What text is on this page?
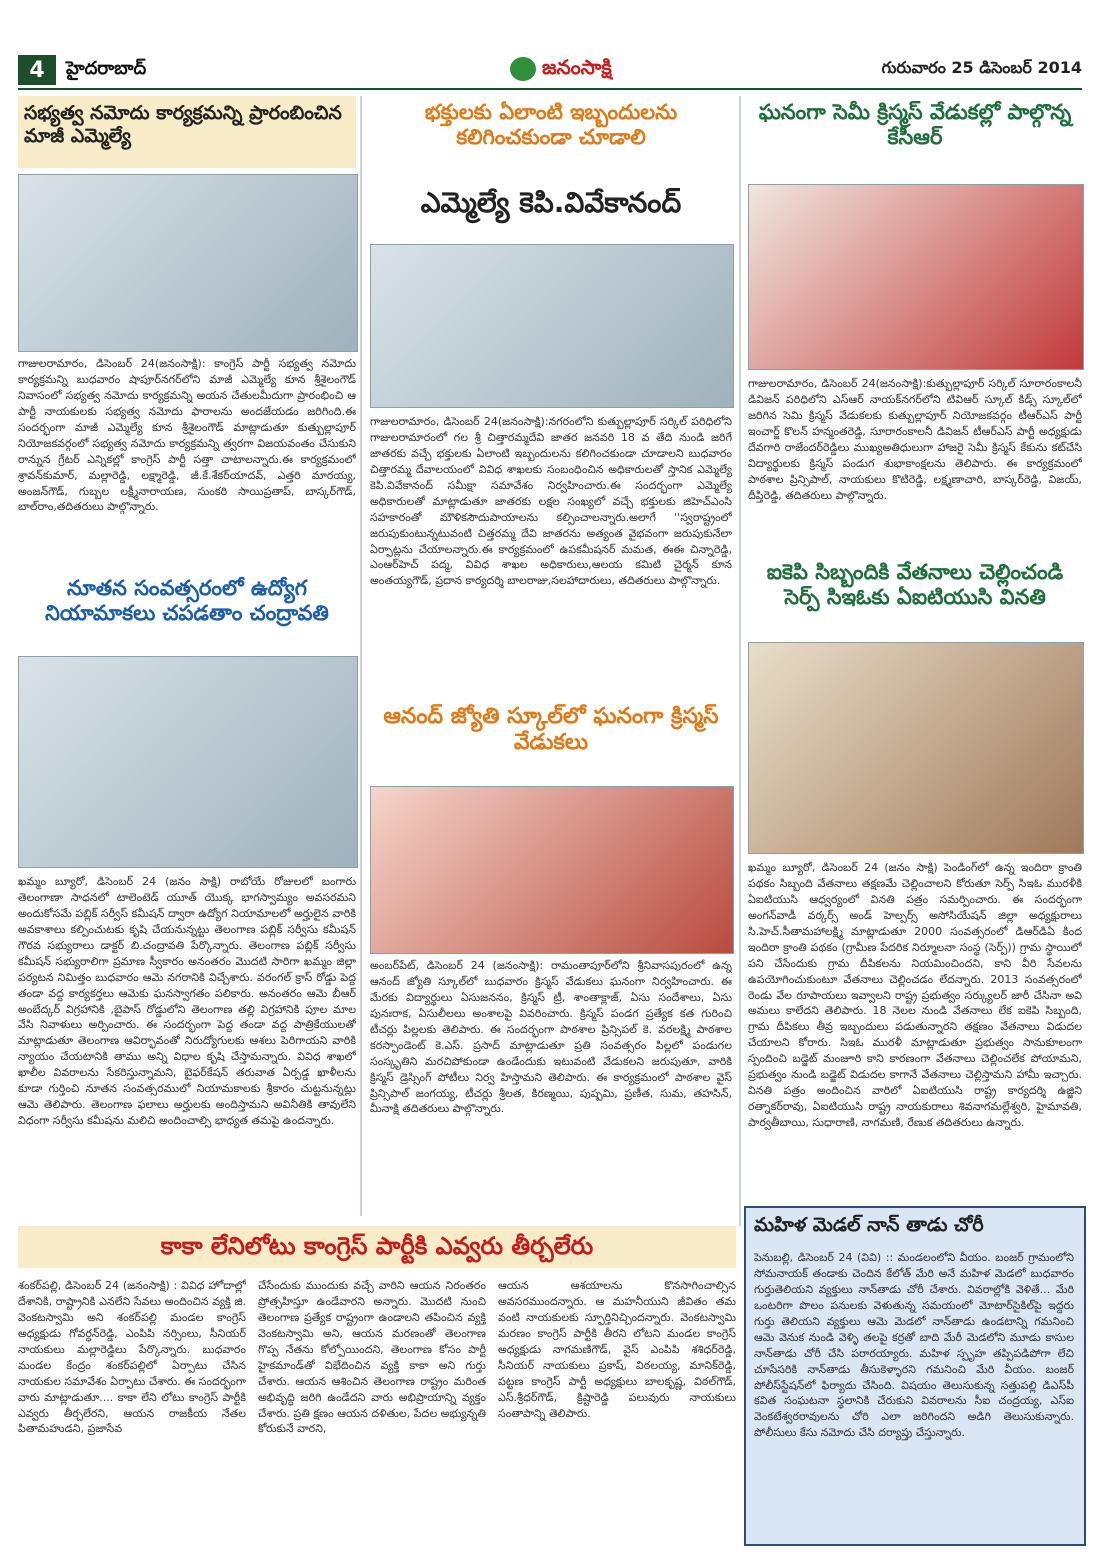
4	హైదరాబాద్	జనంసాక్షి	గురువారం 25 డిసెంబర్ 2014
సభ్యత్వ నమోదు కార్యక్రమన్ని ప్రారంబించిన మాజీ ఎమ్మెల్యే
గాజులరామారం, డిసెంబర్ 24(జనంసాక్షి): కాంగ్రెస్ పార్టీ సభ్యత్వ నమోదు కార్యక్రమన్ని బుధవారం షాపూర్‌నగర్‌లోని మాజీ ఎమ్మెల్యే కూన శ్రీశైలంగౌడ్ నివాసంలో సభ్యత్వ నమోదు కార్యక్రమన్ని అయన చేతులమీదుగా ప్రారంభించి ఆ పార్టీ నాయకులకు సభ్యత్వ నమోదు ఫారాలను అందజేయడం జరిగింది.ఈ సందర్భంగా మాజీ ఎమ్మెల్యే కూన శ్రీశైలంగౌడ్ మాట్లాడుతూ కుత్బుల్లాపూర్ నియోజకవర్గంలో సభ్యత్వ నమోదు కార్యక్రమన్ని త్వరగా విజయవంతం చేసుకుని రాన్నున గ్రేటర్ ఎన్నికల్లో కాంగ్రెస్ పార్టీ సత్తా చాటాలన్నారు.ఈ కార్యక్రమంలో శ్రావన్‌కుమార్, మల్లారెడ్డి, లక్ష్మారెడ్డి, జీ.కే.శేకర్‌యాదవ్, ఎత్తరి మారయ్య, అంజన్‌గౌడ్, గుబ్బల లక్ష్మీనారాయణ, సుంకరి సాయిప్రతాప్, బాస్కర్‌గౌడ్, బాల్‌రాం,తదితరులు పాల్గొన్నారు.
నూతన సంవత్సరంలో ఉద్యోగ నియామాకలు చపడతాం చంద్రావతి
ఖమ్మం బ్యూరో, డిసెంబర్ 24 (జనం సాక్షి) రాబోయే రోజులలో బంగారు తెలంగాణా సాధనలో టాలెంటెడ్ యూత్ యొక్క భాగస్వామ్యం అవసరమని అందుకోసమే పబ్లిక్ సర్వీస్ కమీషన్ ద్వారా ఉద్యోగ నియామాలలో అర్హులైన వారికి అవకాశాలు కల్పించుటకు కృషి చేయనున్నట్టు తెలంగాణ పబ్లిక్ సర్వీసు కమీషన్ గౌరవ సభ్యురాలు డాక్టర్ బి.చంద్రావతి పేర్కొన్నారు. తెలంగాణ పబ్లిక్ సర్వీసు కమీషన్ సభ్యురాలిగా ప్రమాణ స్వీకారం అనంతరం మొదటి సారిగా ఖమ్మం జిల్లా పర్యటన నిమిత్తం బుధవారం ఆమె నగరానికి విచ్చేశారు. వరంగల్ క్రాస్ రోడ్డు పెద్ద తండా వద్ద కార్యకర్తలు ఆమెకు ఘనస్వాగతం పలికారు. అనంతరం ఆమె బీఆర్ అంబేద్కర్ విగ్రహానికి ,బైపాస్ రోడ్డులోని తెలంగాణ తల్లి విగ్రహానికి పూల మాల వేసి నివాళులు అర్పించారు. ఈ సందర్భంగా పెద్ద తండా వద్ద పాత్రికేయులతో మాట్లాడుతూ తెలంగాణ ఆవిర్భావంతో నిరుద్యోగులకు ఆశలు పెరిగాయని వారికి న్యాయం చేయటానికి తాము అన్ని విధాల కృషి చేస్తామన్నారు. వివిధ శాఖలో ఖాలీల వివరాలను సేకరిస్తున్నామని, బైఫర్‌కేషన్ తరువాత ఏర్పడ్డ ఖాళీలను కూడా గుర్తించి నూతన సంవత్సరములో నియామకాలకు శ్రీకారం చుట్టనున్నట్లు ఆమె తెలిపారు. తెలంగాణ ఫలాలు అర్హులకు అందిస్తామని అవినీతికి తావులేని విధంగా సర్వీసు కమీషను మలిచి అందించాల్సి భాధ్యత తమపై ఉందన్నారు.
భక్తులకు ఏలాంటి ఇబ్బందులను కలిగించకుండా చూడాలి
ఎమ్మెల్యే కెపి.వివేకానంద్
గాజులరామారం, డిసెంబర్ 24(జనంసాక్షి):నగరంలోని కుత్బుల్లాపూర్ సర్కిల్ పరిధిలోని గాజులరామారంలో గల శ్రీ చిత్తారమ్మదేవి జాతర జనవరి 18 వ తేది నుండి జరిగే జాతరకు వచ్చే భక్తులకు ఏలాంటి ఇబ్బందులను కలిగించకుండా చూడాలని బుధవారం చిత్తారమ్మ దేవాలయంలో వివిధ శాఖలకు సంబంధించిన అధికారులతో స్తానిక ఎమ్మెల్యే కెపి.వివేకానంద్ సమీక్షా సమావేశం నిర్వహించారు.ఈ సందర్భంగా ఎమ్మెల్యే అధికారులతో మాట్లాడుతూ జాతరకు లక్షల సంఖ్యలో వచ్చే భక్తులకు జిహెచ్‌ఎంసి సహకారంతో మౌళికసౌదుపాయాలను కల్పించాలన్నారు.అలాగే ''స్వరాష్ట్రంలో జరుపుకుంటున్నటువంటి చిత్తరమ్మ దేవి జాతరను అత్యంత వైభవంగా జరుపుకునేలా ఏర్పాట్లను చేయాలన్నారు.ఈ కార్యక్రమంలో ఉపకమీషనర్ మమత, ఈఈ చిన్నారెడ్డి, ఎంఆర్‌హెచ్ పద్మ, వివిధ శాఖల అధికారులు,ఆలయ కమిటి చైర్మన్ కూన అంతయ్యగౌడ్, ప్రదాన కార్యదర్శి బాలరాజు,సలహాదారులు, తదితరులు పాల్గొన్నారు.
ఆనంద్ జ్యోతి స్కూల్‌లో ఘనంగా క్రిస్మస్ వేడుకలు
అంబర్‌పేట్, డిసెంబర్ 24 (జనంసాక్షి): రామంతాపూర్‌లోని శ్రీనివాసపురంలో ఉన్న ఆనంద్ జ్యోతి స్కూల్‌లో బుధవారం క్రిస్మస్ వేడుకలు ఘనంగా నిర్వహించారు. ఈ మేరకు విద్యార్థులు ఏసుజననం, క్రిస్మస్ ట్రీ, శాంతాక్లాజ్, ఏసు సందేశాలు, ఏసు పునఃరాక, ఏసులీలలు అంశాలపై వివరించారు. క్రిస్మస్ పండగ ప్రత్యేక కత గురించి టీచర్లు పిల్లలకు తెలిపారు. ఈ సందర్భంగా పాఠశాల ప్రిన్సిపల్ కె. వరలక్ష్మి పాఠశాల కరస్పాండెంట్ కె.ఎస్. ప్రసాద్ మాట్లాడుతూ ప్రతి సంవత్సరం పిల్లలో పండుగల సంస్కృతిని మరచిపోకుండా ఉండేందుకు ఇటువంటి వేడుకలని జరుపుతూ, వారికి క్రిస్మస్ డ్రెస్సింగ్ పోటీలు నిర్వ హిస్తామని తెలిపారు. ఈ కార్యక్రమంలో పాఠశాల వైస్ ప్రిన్సిపాల్ జంగయ్య, టీచర్లు శ్రీలత, కిరణ్మయి, పుష్పమి, ప్రణీత, సుమ, తహసిన్, మీనాక్షి తదితరులు పాల్గొన్నారు.
ఘనంగా సెమీ క్రిస్మస్ వేడుకల్లో పాల్గొన్న కేసీఆర్
గాజులరామారం, డిసెంబర్ 24(జనంసాక్షి):కుత్బుల్లాపూర్ సర్కిల్ సూరారంకాలనీ డివిజన్ పరిధిలోని ఎస్ఆర్ నాయక్‌నగర్‌లోని టివిఆర్ స్కూల్ కిడ్స్ స్కూల్‌లో జరిగిన సెమి క్రిస్మస్ వేడుకలకు కుత్బుల్లాపూర్ నియోజకవర్గం టీఆర్‌ఎస్ పార్టీ ఇంచార్జ్ కొలన్ హన్మంతరెడ్డి, సూరారంకాలనీ డివిజన్ టీఆర్‌ఎస్ పార్టీ అధ్యక్షుడు దేవగారి రాజేందర్‌రెడ్డిలు ముఖ్యఅతిధులుగా హాజరై సెమీ క్రిస్మస్ కేకును కట్‌చేసి విద్యార్థులకు క్రిస్మస్ పండుగ శుభాకాంక్షలను తెలిపారు. ఈ కార్యక్రమంలో పాఠశాల ప్రిన్సిపాల్, నాయకులు కొటిరెడ్డి, లక్ష్మణాచారి, బాస్కర్‌రెడ్డి, విజయ్, దీప్తిరెడ్డి, తదితరులు పాల్గొన్నారు.
ఐకెపి సిబ్బందికి వేతనాలు చెల్లించండి సెర్ప్ సిఇఓకు ఏఐటియుసి వినతి
ఖమ్మం బ్యూరో, డిసెంబర్ 24 (జనం సాక్షి) పెండింగ్‌లో ఉన్న ఇందిరా క్రాంతి పథకం సిబ్బంది వేతనాలు తక్షణమే చెల్లించాలని కోరుతూ సెర్ప్ సిఇఓ మురళీకి ఏఐటియుసి ఆధ్వర్యంలో వినతి పత్రం సమర్పించారు. ఈ సందర్భంగా అంగన్‌వాడీ వర్కర్స్ అండ్ హెల్పర్స్ అసోసియేషన్ జిల్లా అధ్యక్షురాలు సి.హెచ్.సీతామహాలక్ష్మి మాట్లాడుతూ 2000 సంవత్సరంలో డిఆర్‌డిఏ కింద ఇందిరా క్రాంతి పథకం (గ్రామీణ పేదరిక నిర్మూలనా సంస్థ (సెర్ప్)) గ్రామ స్థాయిలో పని చేసేందుకు గ్రామ దీపికలను నియమించిందని, కాని వీరి సేవలను ఉపయోగించుకుంటూ వేతనాలు చెల్లించడం లేదన్నారు. 2013 సంవత్సరంలో రెండు వేల రూపాయలు ఇవ్వాలని రాష్ట్ర ప్రభుత్వం సర్క్యులర్ జారీ చేసినా అవి అమలు కాలేదని తెలిపారు. 18 నెలల నుండి వేతనాలు లేక ఐకెపి సిబ్బంది, గ్రామ దీపికలు తీవ్ర ఇబ్బందులు పడుతున్నారని తక్షణం వేతనాలు విడుదల చేయాలని కోరారు. సిఇఓ మురళీ మాట్లాడుతూ ప్రభుత్వం సానుకూలంగా స్పందించి బడ్జెట్ మంజూరి కాని కారణంగా వేతనాలు చెల్లించలేక పోయామని, ప్రభుత్వం నుండి బడ్జెట్ విడుదల కాగానే వేతనాలు చెల్లిస్తామని హామీ ఇచ్చారు. వినతి పత్రం అందించిన వారిలో ఏఐటియుసి రాష్ట్ర కార్యదర్శి ఉజ్జిని రత్నాకర్‌రావు, ఏఐటియుసి రాష్ట్ర నాయకురాలు శివనాగమల్లేశ్వరి, హైమావతి, పార్వతీబాయి, సుధారాణి, నాగమణి, రేణుక తదితరులు ఉన్నారు.
మహిళ మెడల్ నాన్ తాడు చోరీ
పెనుబల్లి, డిసెంబర్ 24 (వివి) :: మండలంలోని వీయం. బంజర్ గ్రామంలోని సోమనాయక్ తండాకు చెందిన కేలోత్ మేరి అనే మహిళ మెడలో బుధవారం గుర్తుతెలియని వ్యక్తులు నాన్‌తాడు చోరీ చేశారు. వివరాల్లోకి వెళితే... మేరి ఒంటరిగా పొలం పనులకు వెళుతున్న సమయంలో మోటార్‌సైకిల్‌పై ఇద్దరు గుర్తు తెలియని వ్యక్తులు ఆమె మెడలో నాన్‌తాడు ఉండటాన్ని గమనించి ఆమె వెనుక నుండి వెళ్ళి తలపై కర్రతో బాది మేరీ మెడలోని మూడు కాసుల నాన్‌తాడు చోరీ చేసి పరారయ్యారు. మహిళ స్పృహ తప్పిపడిపోగా లేచి చూసేసరికి నాన్‌తాడు తీసుకెళ్ళారని గమనించి మేరి వీయం. బంజర్ పోలీస్‌స్టేషన్‌లో ఫిర్యాదు చేసింది. విషయం తెలుసుకున్న సత్తుపల్లి డిఎస్‌పీ కవిత సంఘటనా స్థలానికి చేరుకుని వివరాలను సీఐ చంద్రయ్య, ఎస్ఐ వెంకటేశ్వరరావులను చోరి ఎలా జరిగిందని అడిగి తెలుసుకున్నారు. పోలీసులు కేసు నమోదు చేసి దర్యాప్తు చేస్తున్నారు.
కాకా లేనిలోటు కాంగ్రెస్ పార్టీకి ఎవ్వరు తీర్చలేరు
శంకర్‌పల్లి, డిసెంబర్ 24 (జనంసాక్షి) : వివిధ హోదాల్లో దేశానికి, రాష్ట్రానికి ఎనలేని సేవలు అందించిన వ్యక్తి జి. వెంకటస్వామి అని శంకర్‌పల్లి మండల కాంగ్రెస్ అధ్యక్షుడు గోవర్ధన్‌రెడ్డి, ఎంపిపి నర్సింలు, సీనియర్ నాయకులు మల్లారెడ్డిలు పేర్కొన్నారు. బుధవారం మండల కేంద్రం శంకర్‌పల్లిలో ఏర్పాటు చేసిన నాయకుల సమావేశం ఏర్పాటు చేశారు. ఈ సందర్భంగా వారు మాట్లాడుతూ.... కాకా లేని లోటు కాంగ్రెస్ పార్టీకి ఎవ్వరు తీర్చలేరని, ఆయన రాజకీయ నేతల పితామహుడని, ప్రజాసేవ
చేసేందుకు ముందుకు వచ్చే వారిని ఆయన నిరంతరం ప్రోత్సహిస్తూ ఉండేవారని అన్నారు. మొదటి నుంచి తెలంగాణ ప్రత్యేక రాష్ట్రంగా ఉండాలని తపించిన వ్యక్తి వెంకటస్వామి అని, ఆయన మరణంతో తెలంగాణ గొప్ప నేతను కోల్పోయిందని, తెలంగాణ కోసం పార్టీ హైకమాండ్‌తో విభేదించిన వ్యక్తి కాకా అని గుర్తు చేశారు. ఆయన ఆశించిన తెలంగాణ రాష్ట్రం మరింత అభివృద్ధి జరిగి ఉండేదని వారు అభిప్రాయాన్ని వ్యక్తం చేశారు. ప్రతి క్షణం ఆయన దళితుల, పేదల అభ్యున్నతి కోరుకునే వారని,
ఆయన ఆశయాలను కొనసాగించాల్సిన అవసరముందన్నారు. ఆ మహనీయుని జీవితం తమ వంటి నాయకులకు స్ఫూర్తినిచ్చిందన్నారు. వెంకటస్వామి మరణం కాంగ్రెస్ పార్టీకి తీరని లోటని మండల కాంగ్రెస్ అధ్యక్షుడు నాగమణిగౌడ్, వైస్ ఎంపిపి శశిధర్‌రెడ్డి, సీనియర్ నాయకులు ప్రకాష్, విఠలయ్య, మానిక్‌రెడ్డి, పట్టణ కాంగ్రెస్ పార్టీ అధ్యక్షులు బాలకృష్ణ, విఠల్‌గౌడ్, ఎస్.శ్రీధర్‌గౌడ్, క్రిష్టారెడ్డి పలువురు నాయకులు సంతాపాన్ని తెలిపారు.
